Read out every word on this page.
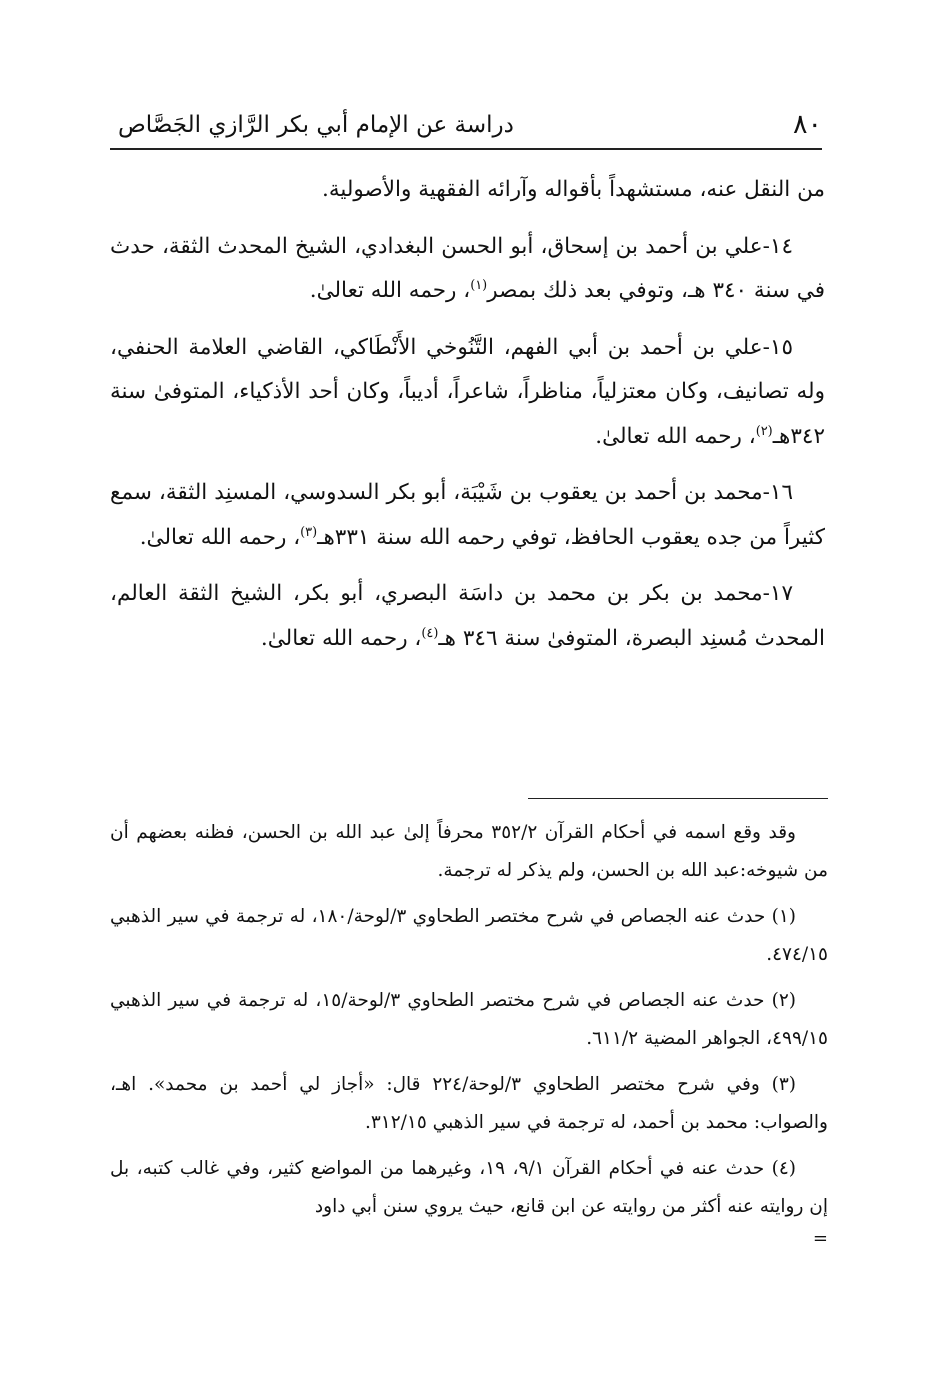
٨٠
دراسة عن الإمام أبي بكر الرَّازي الجَصَّاص

من النقل عنه، مستشهداً بأقواله وآرائه الفقهية والأصولية.

١٤-علي بن أحمد بن إسحاق، أبو الحسن البغدادي، الشيخ المحدث الثقة، حدث في سنة ٣٤٠ هـ، وتوفي بعد ذلك بمصر$^{(١)}$، رحمه الله تعالىٰ.

١٥-علي بن أحمد بن أبي الفهم، التَّنُوخي الأَنْطَاكي، القاضي العلامة الحنفي، وله تصانيف، وكان معتزلياً، مناظراً، شاعراً، أديباً، وكان أحد الأذكياء، المتوفىٰ سنة ٣٤٢هـ$^{(٢)}$، رحمه الله تعالىٰ.

١٦-محمد بن أحمد بن يعقوب بن شَيْبَة، أبو بكر السدوسي، المسنِد الثقة، سمع كثيراً من جده يعقوب الحافظ، توفي رحمه الله سنة ٣٣١هـ$^{(٣)}$، رحمه الله تعالىٰ.

١٧-محمد بن بكر بن محمد بن داسَة البصري، أبو بكر، الشيخ الثقة العالم، المحدث مُسنِد البصرة، المتوفىٰ سنة ٣٤٦ هـ$^{(٤)}$، رحمه الله تعالىٰ.

وقد وقع اسمه في أحكام القرآن ٣٥٢/٢ محرفاً إلىٰ عبد الله بن الحسن، فظنه بعضهم أن من شيوخه:عبد الله بن الحسن، ولم يذكر له ترجمة.

(١) حدث عنه الجصاص في شرح مختصر الطحاوي ٣/لوحة/١٨٠، له ترجمة في سير الذهبي ٤٧٤/١٥.

(٢) حدث عنه الجصاص في شرح مختصر الطحاوي ٣/لوحة/١٥، له ترجمة في سير الذهبي ٤٩٩/١٥، الجواهر المضية ٦١١/٢.

(٣) وفي شرح مختصر الطحاوي ٣/لوحة/٢٢٤ قال: «أجاز لي أحمد بن محمد». اهـ، والصواب: محمد بن أحمد، له ترجمة في سير الذهبي ٣١٢/١٥.

(٤) حدث عنه في أحكام القرآن ٩/١، ١٩، وغيرهما من المواضع كثير، وفي غالب كتبه، بل إن روايته عنه أكثر من روايته عن ابن قانع، حيث يروي سنن أبي داود

=
